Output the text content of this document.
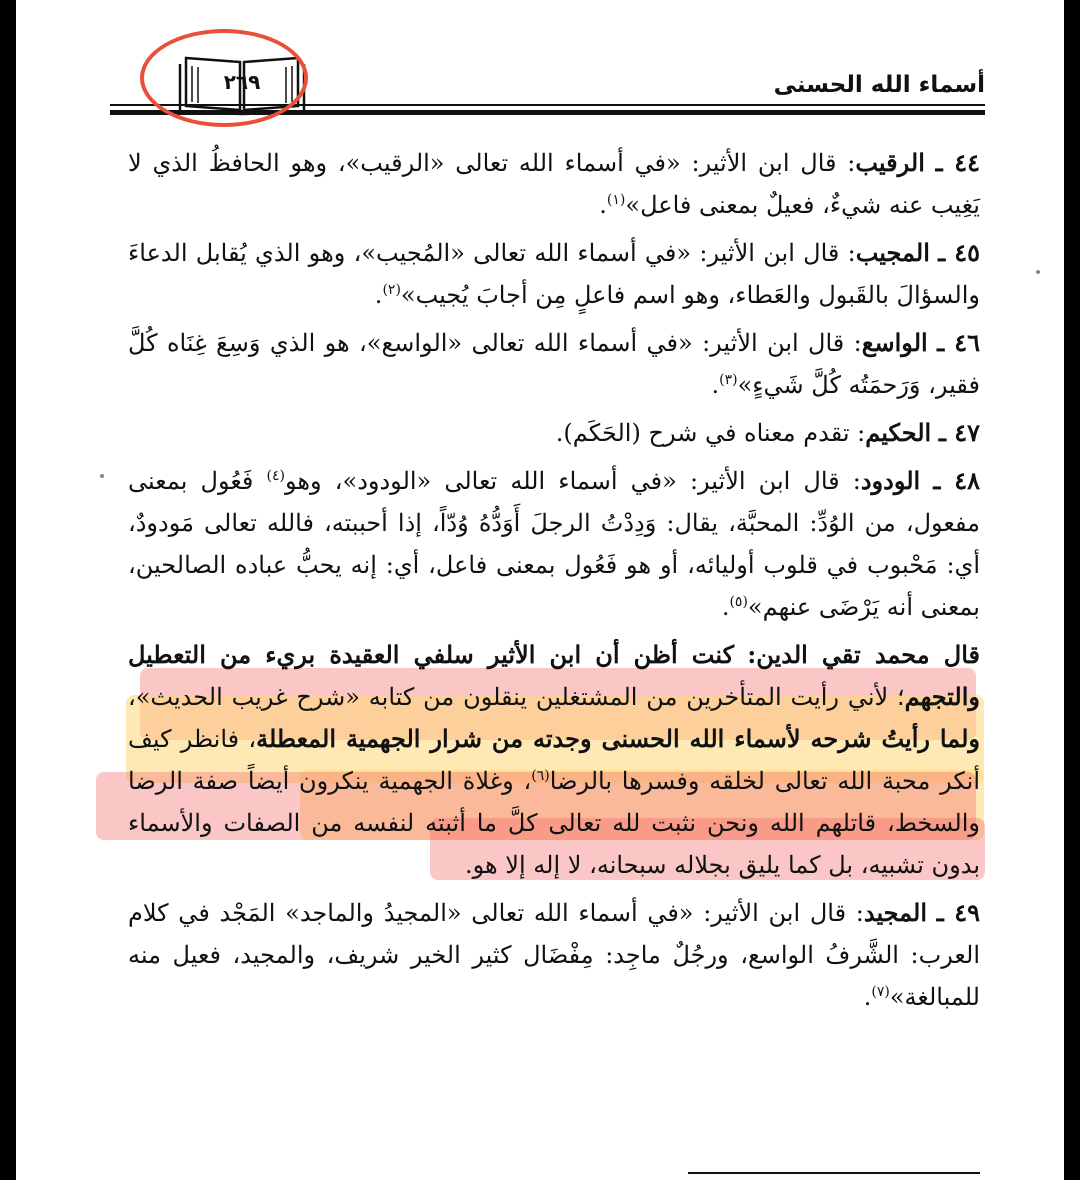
أسماء الله الحسنى
٢٦٩

٤٤ ـ الرقيب: قال ابن الأثير: «في أسماء الله تعالى «الرقيب»، وهو الحافظُ الذي لا يَغِيب عنه شيءٌ، فعيلٌ بمعنى فاعل»$^{(١)}$.

٤٥ ـ المجيب: قال ابن الأثير: «في أسماء الله تعالى «المُجيب»، وهو الذي يُقابل الدعاءَ والسؤالَ بالقَبول والعَطاء، وهو اسم فاعلٍ مِن أجابَ يُجيب»$^{(٢)}$.

٤٦ ـ الواسع: قال ابن الأثير: «في أسماء الله تعالى «الواسع»، هو الذي وَسِعَ غِنَاه كُلَّ فقير، وَرَحمَتُه كُلَّ شَيءٍ»$^{(٣)}$.

٤٧ ـ الحكيم: تقدم معناه في شرح (الحَكَم).

٤٨ ـ الودود: قال ابن الأثير: «في أسماء الله تعالى «الودود»، وهو$^{(٤)}$ فَعُول بمعنى مفعول، من الوُدِّ: المحبَّة، يقال: وَدِدْتُ الرجلَ أَوَدُّهُ وُدّاً، إذا أحببته، فالله تعالى مَودودٌ، أي: مَحْبوب في قلوب أوليائه، أو هو فَعُول بمعنى فاعل، أي: إنه يحبُّ عباده الصالحين، بمعنى أنه يَرْضَى عنهم»$^{(٥)}$.

قال محمد تقي الدين: كنت أظن أن ابن الأثير سلفي العقيدة بريء من التعطيل والتجهم؛ لأني رأيت المتأخرين من المشتغلين ينقلون من كتابه «شرح غريب الحديث»، ولما رأيتُ شرحه لأسماء الله الحسنى وجدته من شرار الجهمية المعطلة، فانظر كيف أنكر محبة الله تعالى لخلقه وفسرها بالرضا$^{(٦)}$، وغلاة الجهمية ينكرون أيضاً صفة الرضا والسخط، قاتلهم الله ونحن نثبت لله تعالى كلَّ ما أثبته لنفسه من الصفات والأسماء بدون تشبيه، بل كما يليق بجلاله سبحانه، لا إله إلا هو.

٤٩ ـ المجيد: قال ابن الأثير: «في أسماء الله تعالى «المجيدُ والماجد» المَجْد في كلام العرب: الشَّرفُ الواسع، ورجُلٌ ماجِد: مِفْضَال كثير الخير شريف، والمجيد، فعيل منه للمبالغة»$^{(٧)}$.
